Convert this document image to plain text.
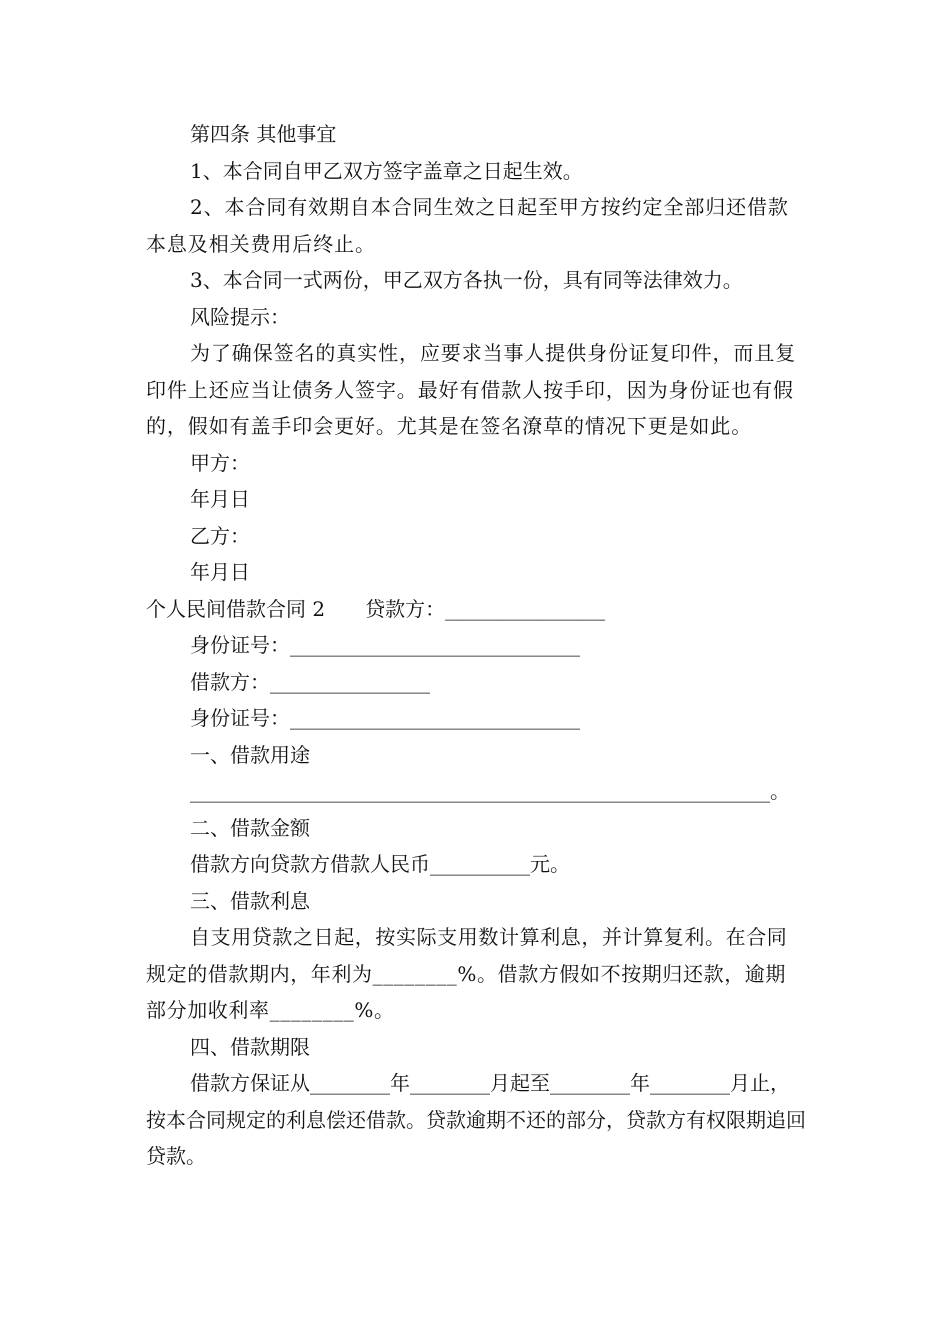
第四条 其他事宜

1、本合同自甲乙双方签字盖章之日起生效。

2、本合同有效期自本合同生效之日起至甲方按约定全部归还借款本息及相关费用后终止。

3、本合同一式两份，甲乙双方各执一份，具有同等法律效力。

风险提示：

为了确保签名的真实性，应要求当事人提供身份证复印件，而且复印件上还应当让债务人签字。最好有借款人按手印，因为身份证也有假的，假如有盖手印会更好。尤其是在签名潦草的情况下更是如此。

甲方：

年月日

乙方：

年月日

个人民间借款合同 2　　贷款方：________________

身份证号：_____________________________

借款方：________________

身份证号：_____________________________

一、借款用途

__________________________________________________________。

二、借款金额

借款方向贷款方借款人民币__________元。

三、借款利息

自支用贷款之日起，按实际支用数计算利息，并计算复利。在合同规定的借款期内，年利为________%。借款方假如不按期归还款，逾期部分加收利率________%。

四、借款期限

借款方保证从________年________月起至________年________月止，按本合同规定的利息偿还借款。贷款逾期不还的部分，贷款方有权限期追回贷款。
